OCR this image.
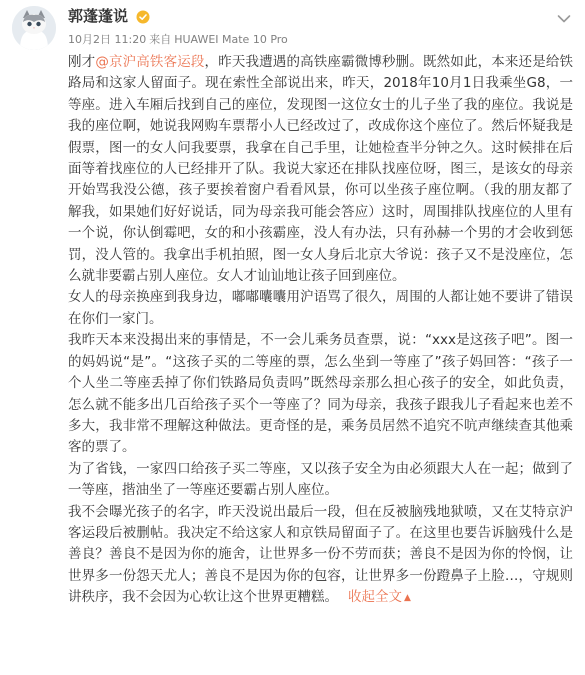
郭蓬蓬说
10月2日 11:20 来自 HUAWEI Mate 10 Pro

刚才@京沪高铁客运段，昨天我遭遇的高铁座霸微博秒删。既然如此，本来还是给铁路局和这家人留面子。现在索性全部说出来，昨天，2018年10月1日我乘坐G8，一等座。进入车厢后找到自己的座位，发现图一这位女士的儿子坐了我的座位。我说是我的座位啊，她说我网购车票帮小人已经改过了，改成你这个座位了。然后怀疑我是假票，图一的女人问我要票，我拿在自己手里，让她检查半分钟之久。这时候排在后面等着找座位的人已经排开了队。我说大家还在排队找座位呀，图三，是该女的母亲开始骂我没公德，孩子要挨着窗户看看风景，你可以坐孩子座位啊。（我的朋友都了解我，如果她们好好说话，同为母亲我可能会答应）这时，周围排队找座位的人里有一个说，你认倒霉吧，女的和小孩霸座，没人有办法，只有孙赫一个男的才会收到惩罚，没人管的。我拿出手机拍照，图一女人身后北京大爷说：孩子又不是没座位，怎么就非要霸占别人座位。女人才讪讪地让孩子回到座位。

女人的母亲换座到我身边，嘟嘟囔囔用沪语骂了很久，周围的人都让她不要讲了错误在你们一家门。

我昨天本来没揭出来的事情是，不一会儿乘务员查票，说：“xxx是这孩子吧”。图一的妈妈说“是”。“这孩子买的二等座的票，怎么坐到一等座了”孩子妈回答：“孩子一个人坐二等座丢掉了你们铁路局负责吗”既然母亲那么担心孩子的安全，如此负责，怎么就不能多出几百给孩子买个一等座了？同为母亲，我孩子跟我儿子看起来也差不多大，我非常不理解这种做法。更奇怪的是，乘务员居然不追究不吭声继续查其他乘客的票了。

为了省钱，一家四口给孩子买二等座，又以孩子安全为由必须跟大人在一起；做到了一等座，揩油坐了一等座还要霸占别人座位。

我不会曝光孩子的名字，昨天没说出最后一段，但在反被脑残地狱喷，又在艾特京沪客运段后被删帖。我决定不给这家人和京铁局留面子了。在这里也要告诉脑残什么是善良？善良不是因为你的施舍，让世界多一份不劳而获；善良不是因为你的怜悯，让世界多一份怨天尤人；善良不是因为你的包容，让世界多一份蹬鼻子上脸…，守规则讲秩序，我不会因为心软让这个世界更糟糕。 收起全文 ▲
